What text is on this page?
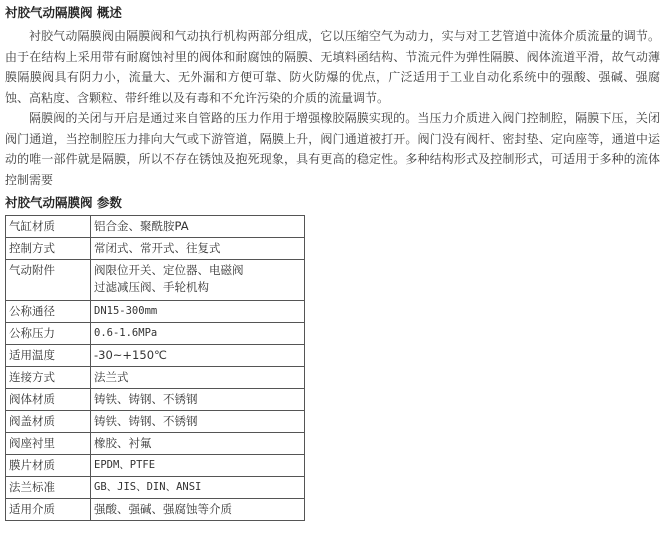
衬胶气动隔膜阀 概述

衬胶气动隔膜阀由隔膜阀和气动执行机构两部分组成，它以压缩空气为动力，实与对工艺管道中流体介质流量的调节。 由于在结构上采用带有耐腐蚀衬里的阀体和耐腐蚀的隔膜、无填料函结构、节流元件为弹性隔膜、阀体流道平滑，故气动薄膜隔膜阀具有阴力小，流量大、无外漏和方便可靠、防火防爆的优点，广泛适用于工业自动化系统中的强酸、强碱、强腐蚀、高粘度、含颗粒、带纤维以及有毒和不允许污染的介质的流量调节。

隔膜阀的关闭与开启是通过来自管路的压力作用于增强橡胶隔膜实现的。当压力介质进入阀门控制腔，隔膜下压，关闭阀门通道，当控制腔压力排向大气或下游管道，隔膜上升，阀门通道被打开。阀门没有阀杆、密封垫、定向座等，通道中运动的唯一部件就是隔膜，所以不存在锈蚀及抱死现象，具有更高的稳定性。多种结构形式及控制形式，可适用于多种的流体控制需要

衬胶气动隔膜阀 参数
气缸材质	铝合金、聚酰胺PA
控制方式	常闭式、常开式、往复式
气动附件	阀限位开关、定位器、电磁阀
过滤减压阀、手轮机构

公称通径	DN15-300mm
公称压力	0.6-1.6MPa
适用温度	-30~+150℃
连接方式	法兰式
阀体材质	铸铁、铸钢、不锈钢
阀盖材质	铸铁、铸钢、不锈钢
阀座衬里	橡胶、衬氟
膜片材质	EPDM、PTFE
法兰标准	GB、JIS、DIN、ANSI
适用介质	强酸、强碱、强腐蚀等介质
